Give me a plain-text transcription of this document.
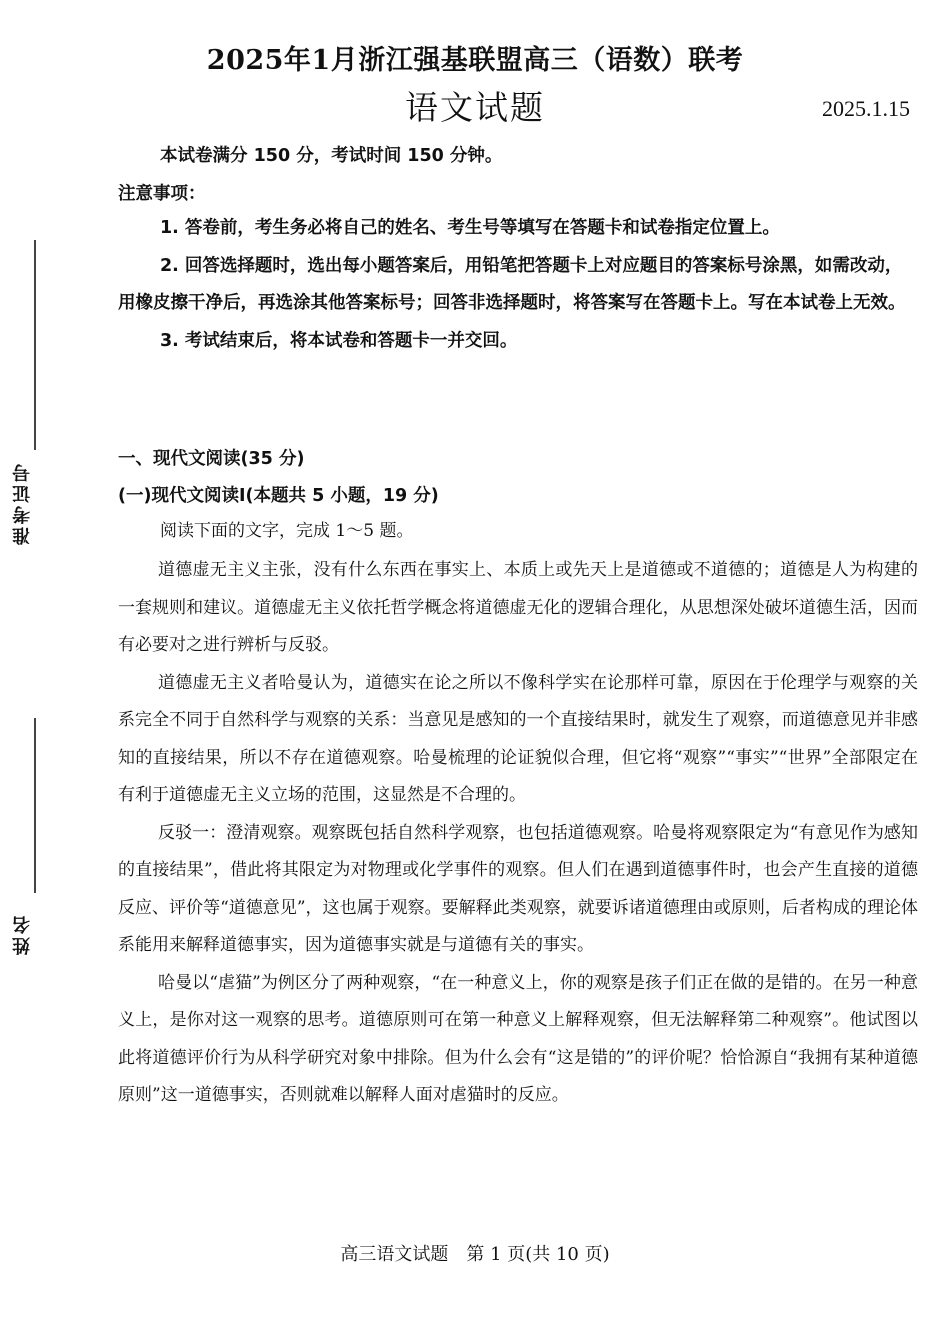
2025年1月浙江强基联盟高三（语数）联考
语文试题	2025.1.15
本试卷满分 150 分，考试时间 150 分钟。
注意事项：

1. 答卷前，考生务必将自己的姓名、考生号等填写在答题卡和试卷指定位置上。

2. 回答选择题时，选出每小题答案后，用铅笔把答题卡上对应题目的答案标号涂黑，如需改动，用橡皮擦干净后，再选涂其他答案标号；回答非选择题时，将答案写在答题卡上。写在本试卷上无效。

3. 考试结束后，将本试卷和答题卡一并交回。

准考证号
姓名
一、现代文阅读(35 分)
(一)现代文阅读Ⅰ(本题共 5 小题，19 分)
阅读下面的文字，完成 1～5 题。

道德虚无主义主张，没有什么东西在事实上、本质上或先天上是道德或不道德的；道德是人为构建的一套规则和建议。道德虚无主义依托哲学概念将道德虚无化的逻辑合理化，从思想深处破坏道德生活，因而有必要对之进行辨析与反驳。

道德虚无主义者哈曼认为，道德实在论之所以不像科学实在论那样可靠，原因在于伦理学与观察的关系完全不同于自然科学与观察的关系：当意见是感知的一个直接结果时，就发生了观察，而道德意见并非感知的直接结果，所以不存在道德观察。哈曼梳理的论证貌似合理，但它将“观察”“事实”“世界”全部限定在有利于道德虚无主义立场的范围，这显然是不合理的。

反驳一：澄清观察。观察既包括自然科学观察，也包括道德观察。哈曼将观察限定为“有意见作为感知的直接结果”，借此将其限定为对物理或化学事件的观察。但人们在遇到道德事件时，也会产生直接的道德反应、评价等“道德意见”，这也属于观察。要解释此类观察，就要诉诸道德理由或原则，后者构成的理论体系能用来解释道德事实，因为道德事实就是与道德有关的事实。

哈曼以“虐猫”为例区分了两种观察，“在一种意义上，你的观察是孩子们正在做的是错的。在另一种意义上，是你对这一观察的思考。道德原则可在第一种意义上解释观察，但无法解释第二种观察”。他试图以此将道德评价行为从科学研究对象中排除。但为什么会有“这是错的”的评价呢？恰恰源自“我拥有某种道德原则”这一道德事实，否则就难以解释人面对虐猫时的反应。

高三语文试题　第 1 页(共 10 页)
